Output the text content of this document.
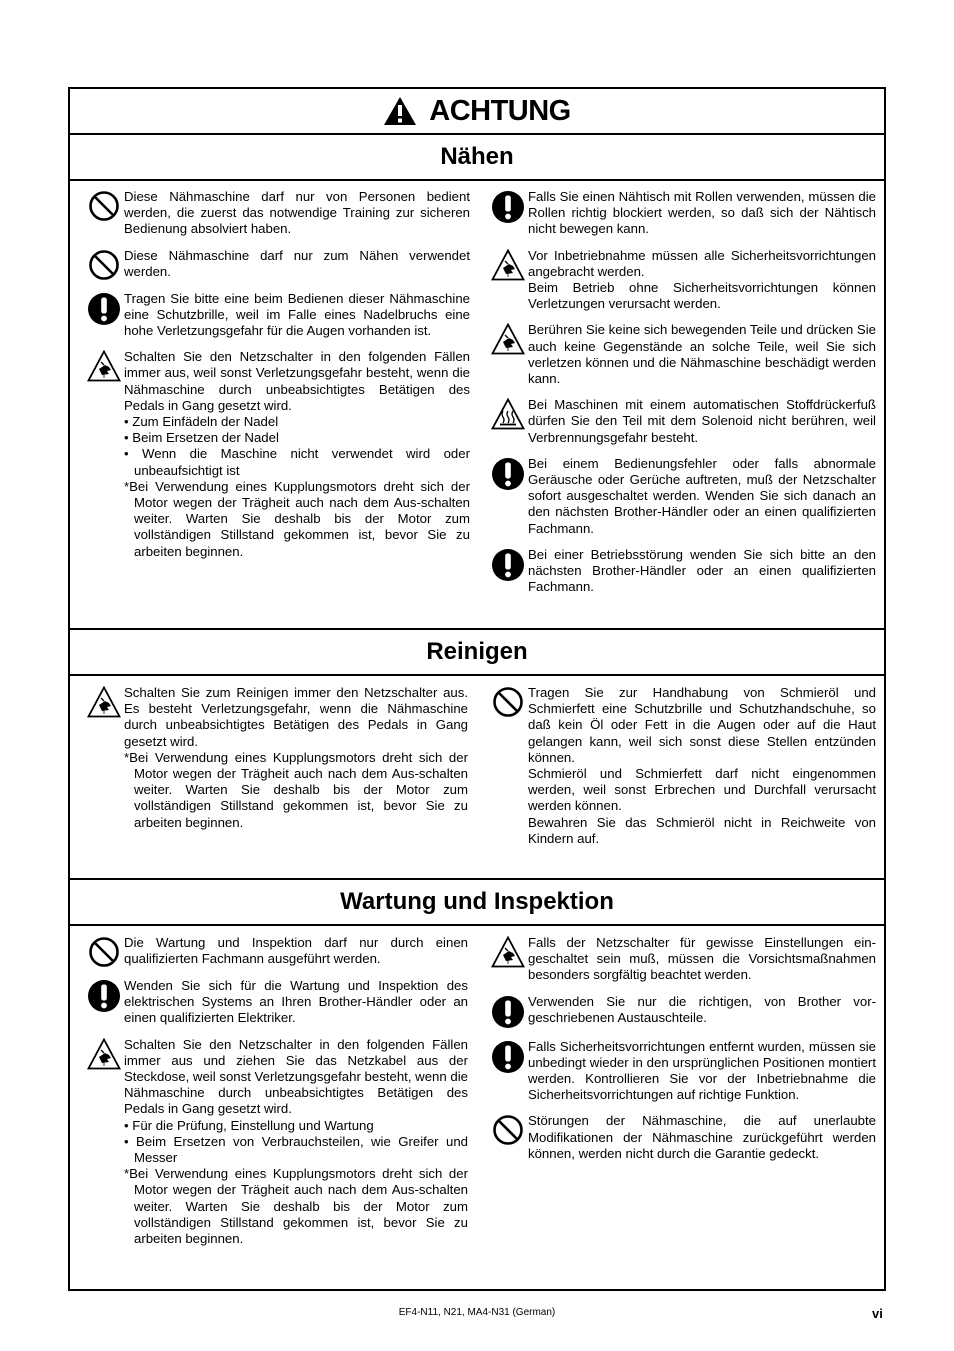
ACHTUNG
Nähen

Diese Nähmaschine darf nur von Personen bedient werden, die zuerst das notwendige Training zur sicheren Bedienung absolviert haben.

Diese Nähmaschine darf nur zum Nähen verwendet werden.

Tragen Sie bitte eine beim Bedienen dieser Nähmaschine eine Schutzbrille, weil im Falle eines Nadelbruchs eine hohe Verletzungsgefahr für die Augen vorhanden ist.

Schalten Sie den Netzschalter in den folgenden Fällen immer aus, weil sonst Verletzungsgefahr besteht, wenn die Nähmaschine durch unbeabsichtigtes Betätigen des Pedals in Gang gesetzt wird.

• Zum Einfädeln der Nadel

• Beim Ersetzen der Nadel

• Wenn die Maschine nicht verwendet wird oder unbeaufsichtigt ist

*Bei Verwendung eines Kupplungsmotors dreht sich der Motor wegen der Trägheit auch nach dem Aus-schalten weiter. Warten Sie deshalb bis der Motor zum vollständigen Stillstand gekommen ist, bevor Sie zu arbeiten beginnen.

Falls Sie einen Nähtisch mit Rollen verwenden, müssen die Rollen richtig blockiert werden, so daß sich der Nähtisch nicht bewegen kann.

Vor Inbetriebnahme müssen alle Sicherheitsvorrichtungen angebracht werden.

Beim Betrieb ohne Sicherheitsvorrichtungen können Verletzungen verursacht werden.

Berühren Sie keine sich bewegenden Teile und drücken Sie auch keine Gegenstände an solche Teile, weil Sie sich verletzen können und die Nähmaschine beschädigt werden kann.

Bei Maschinen mit einem automatischen Stoffdrückerfuß dürfen Sie den Teil mit dem Solenoid nicht berühren, weil Verbrennungsgefahr besteht.

Bei einem Bedienungsfehler oder falls abnormale Geräusche oder Gerüche auftreten, muß der Netzschalter sofort ausgeschaltet werden. Wenden Sie sich danach an den nächsten Brother-Händler oder an einen qualifizierten Fachmann.

Bei einer Betriebsstörung wenden Sie sich bitte an den nächsten Brother-Händler oder an einen qualifizierten Fachmann.

Reinigen

Schalten Sie zum Reinigen immer den Netzschalter aus. Es besteht Verletzungsgefahr, wenn die Nähmaschine durch unbeabsichtigtes Betätigen des Pedals in Gang gesetzt wird.

*Bei Verwendung eines Kupplungsmotors dreht sich der Motor wegen der Trägheit auch nach dem Aus-schalten weiter. Warten Sie deshalb bis der Motor zum vollständigen Stillstand gekommen ist, bevor Sie zu arbeiten beginnen.

Tragen Sie zur Handhabung von Schmieröl und Schmierfett eine Schutzbrille und Schutzhandschuhe, so daß kein Öl oder Fett in die Augen oder auf die Haut gelangen kann, weil sich sonst diese Stellen entzünden können.

Schmieröl und Schmierfett darf nicht eingenommen werden, weil sonst Erbrechen und Durchfall verursacht werden können.

Bewahren Sie das Schmieröl nicht in Reichweite von Kindern auf.

Wartung und Inspektion

Die Wartung und Inspektion darf nur durch einen qualifizierten Fachmann ausgeführt werden.

Wenden Sie sich für die Wartung und Inspektion des elektrischen Systems an Ihren Brother-Händler oder an einen qualifizierten Elektriker.

Schalten Sie den Netzschalter in den folgenden Fällen immer aus und ziehen Sie das Netzkabel aus der Steckdose, weil sonst Verletzungsgefahr besteht, wenn die Nähmaschine durch unbeabsichtigtes Betätigen des Pedals in Gang gesetzt wird.

• Für die Prüfung, Einstellung und Wartung

• Beim Ersetzen von Verbrauchsteilen, wie Greifer und Messer

*Bei Verwendung eines Kupplungsmotors dreht sich der Motor wegen der Trägheit auch nach dem Aus-schalten weiter. Warten Sie deshalb bis der Motor zum vollständigen Stillstand gekommen ist, bevor Sie zu arbeiten beginnen.

Falls der Netzschalter für gewisse Einstellungen eingeschaltet sein muß, müssen die Vorsichtsmaßnahmen besonders sorgfältig beachtet werden.

Verwenden Sie nur die richtigen, von Brother vorgeschriebenen Austauschteile.

Falls Sicherheitsvorrichtungen entfernt wurden, müssen sie unbedingt wieder in den ursprünglichen Positionen montiert werden. Kontrollieren Sie vor der Inbetriebnahme die Sicherheitsvorrichtungen auf richtige Funktion.

Störungen der Nähmaschine, die auf unerlaubte Modifikationen der Nähmaschine zurückgeführt werden können, werden nicht durch die Garantie gedeckt.

EF4-N11, N21, MA4-N31 (German)	vi
